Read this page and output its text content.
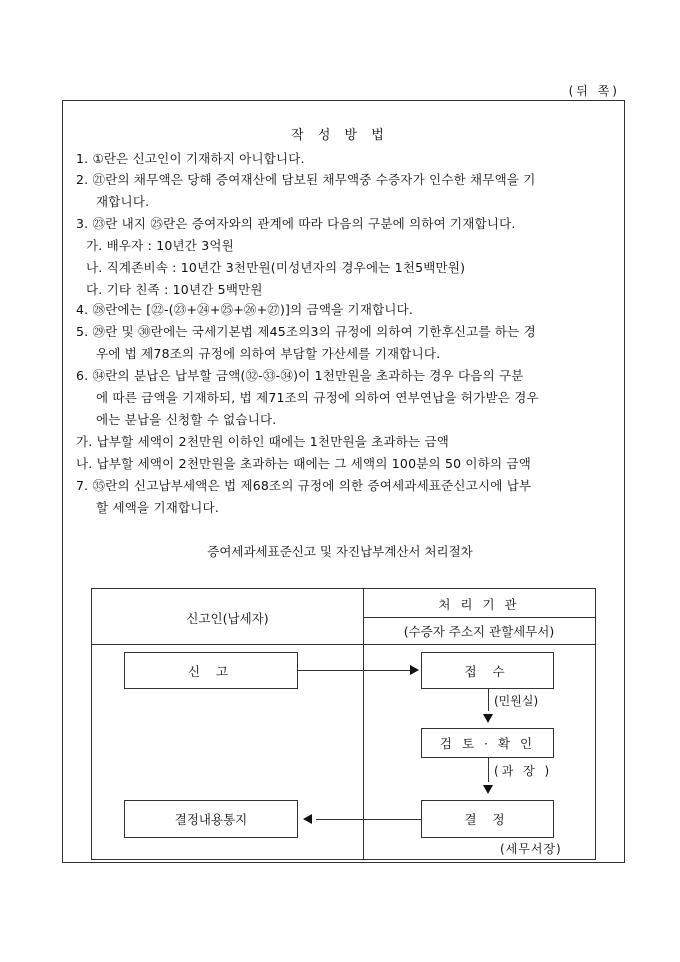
(뒤 쪽)
작 성 방 법
1. ①란은 신고인이 기재하지 아니합니다.
2. ㉑란의 채무액은 당해 증여재산에 담보된 채무액중 수증자가 인수한 채무액을 기
재합니다.
3. ㉓란 내지 ㉕란은 증여자와의 관계에 따라 다음의 구분에 의하여 기재합니다.
가. 배우자 : 10년간 3억원
나. 직계존비속 : 10년간 3천만원(미성년자의 경우에는 1천5백만원)
다. 기타 친족 : 10년간 5백만원
4. ㉘란에는 [㉒-(㉓+㉔+㉕+㉖+㉗)]의 금액을 기재합니다.
5. ㉙란 및 ㉚란에는 국세기본법 제45조의3의 규정에 의하여 기한후신고를 하는 경
우에 법 제78조의 규정에 의하여 부담할 가산세를 기재합니다.
6. ㉞란의 분납은 납부할 금액(㉜-㉝-㉞)이 1천만원을 초과하는 경우 다음의 구분
에 따른 금액을 기재하되, 법 제71조의 규정에 의하여 연부연납을 허가받은 경우
에는 분납을 신청할 수 없습니다.
가. 납부할 세액이 2천만원 이하인 때에는 1천만원을 초과하는 금액
나. 납부할 세액이 2천만원을 초과하는 때에는 그 세액의 100분의 50 이하의 금액
7. ㉟란의 신고납부세액은 법 제68조의 규정에 의한 증여세과세표준신고시에 납부
할 세액을 기재합니다.
증여세과세표준신고 및 자진납부계산서 처리절차
신고인(납세자)
처 리 기 관
(수증자 주소지 관할세무서)
신 고
결정내용통지
접 수
검 토 · 확 인
결 정
(민원실)
(과 장 )
(세무서장)
